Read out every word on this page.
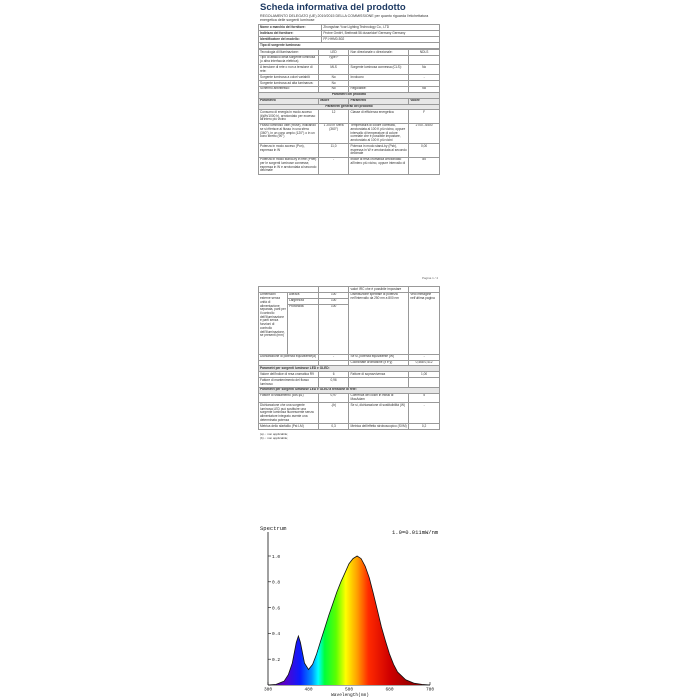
Scheda informativa del prodotto
REGOLAMENTO DELEGATO (UE) 2019/2015 DELLA COMMISSIONE per quanto riguarda l'etichettatura energetica delle sorgenti luminose
Nome o marchio del fornitore:	Zhongshan Ycar Lighting Technology Co., LTD
Indirizzo del fornitore:	Protne GmbH, Breitmatt 56 dusseldorf Germany Germany
Identificatore del modello:	FP-HHM0-B02
Tipo di sorgente luminosa:	
Tecnologia di illuminazione:	LED	Non direzionale o direzionale:	NDLS
Tipo di attacco della sorgente luminosa (o altra interfaccia elettrica)	Type F		
A tensione di rete o non a tensione di rete:	MLS	Sorgente luminosa connessa (CLS):	No
Sorgente luminosa a colori variabili:	No	Involucro:	-
Sorgente luminosa ad alta luminanza:	No		
Schermo antiriflesso:	No	Regolabile:	No
Parametri del prodotto			
Parametro	Valore	Parametro	Valore
Parametri generali del prodotto			
Consumo di energia in modo acceso (kWh/1000 h), arrotondato per eccesso all'intero più vicino	12	Classe di efficienza energetica	F
Flusso luminoso utile (Φuse), indicando se si riferisce al flusso in una sfera (360°), in un cono ampio (120°) o in un cono stretto (90°)	1 200 in Sfera (360°)	Temperatura di colore correlata, arrotondata al 100 K più vicino, oppure intervallo di temperature di colore correlate che è possibile impostare, arrotondato al 100 K più vicini	2700...6500
Potenza in modo acceso (Pon), espressa in W	11,0	Potenza in modo stand-by (Psb), espressa in W e arrotondata al secondo decimale	0,00
Potenza in modo stand-by in rete (Pnet) per le sorgenti luminose connesse, espressa in W e arrotondata al secondo decimale	-	Indice di resa cromatica arrotondato all'intero più vicino, oppure intervallo di	85
Pagina 1 / 4
			valori IRC che è possibile impostare	
Dimensioni esterne senza unità di alimentazione separata, parti per il controllo dell'illuminazione e parti senza funzioni di controllo dell'illuminazione, se presenti (mm)	Altezza	100	Distribuzione spettrale di potenza nell'intervallo da 250 nm a 800 nm	Vedi immagine nell'ultima pagina
	Larghezza	100		
	Profondità	100		
Dichiarazione di potenza equivalente(a)		-	Se sì, potenza equivalente (W)	-
			Coordinate cromatiche (x e y)	0,468 0,412
Parametri per sorgenti luminose LED e OLED:				
Valore dell'indice di resa cromatica R9		6	Fattore di sopravvivenza	1,00
Fattore di mantenimento del flusso luminoso		0,96		
Parametri per sorgenti luminose LED e OLED a tensione di rete:				
Fattore di sfasamento (cos φ1)		0,97	Coerenza dei colori in ellissi di MacAdam	5
Dichiarazione che una sorgente luminosa LED può sostituire una sorgente luminosa fluorescente senza alimentatore integrato avente una determinata potenza		-(b)	Se sì, dichiarazione di sostituibilità (W)	-
Metrica dello sfarfallio (Pst LM)		0,3	Metrica dell'effetto stroboscopico (SVM)	0,2
(a) -: non applicabile;
(b) -: non applicabile;
Spectrum
1.0=0.011mW/nm
0.2
0.4
0.6
0.8
1.0
380	480	580	680	780
Wavelength(nm)
